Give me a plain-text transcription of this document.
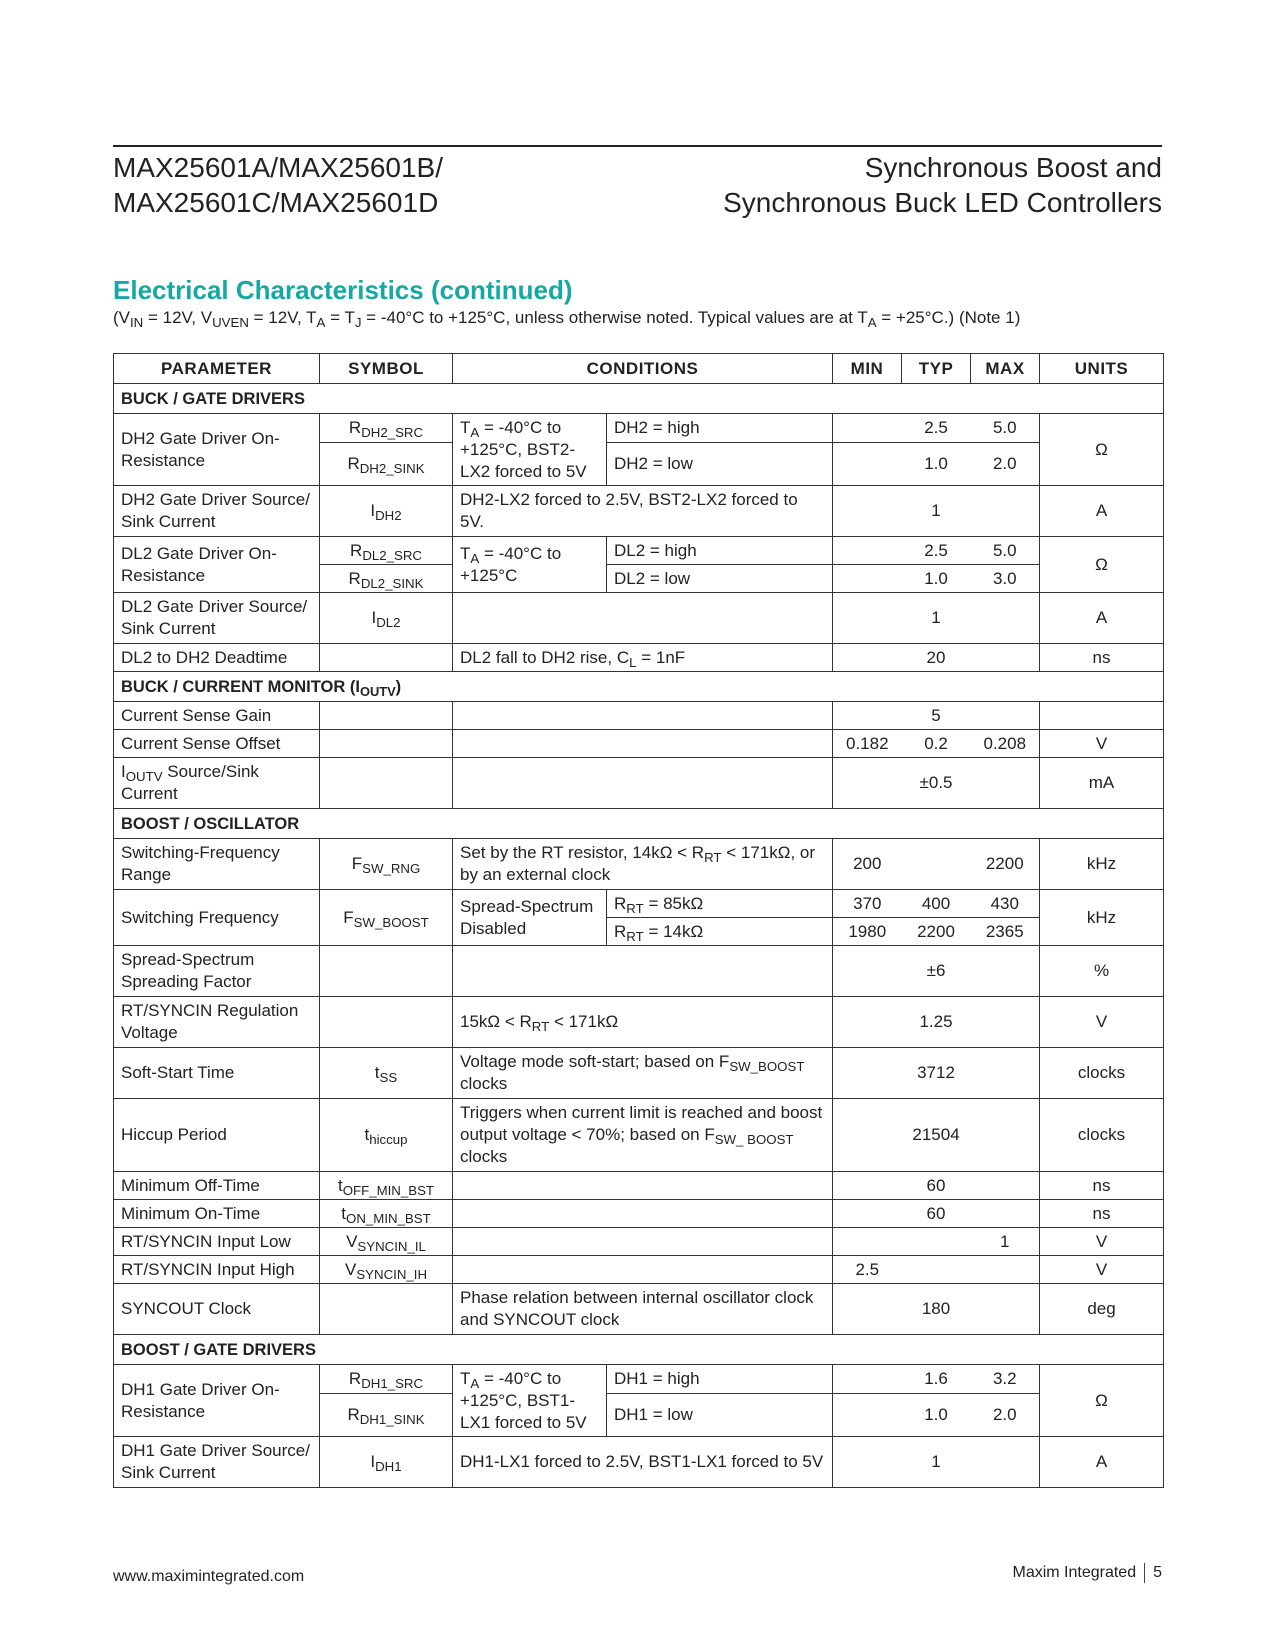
MAX25601A/MAX25601B/
MAX25601C/MAX25601D
Synchronous Boost and
Synchronous Buck LED Controllers
Electrical Characteristics (continued)
($V_{IN} = 12V$, $V_{UVEN} = 12V$, $T_A = T_J = -40^\circ C$ to +125°C, unless otherwise noted. Typical values are at $T_A = +25^\circ C$.) (Note 1)
PARAMETER	SYMBOL	CONDITIONS		MIN	TYP	MAX	UNITS
BUCK / GATE DRIVERS							
DH2 Gate Driver On-Resistance	$R_{DH2\_SRC}$	$T_A = -40^\circ C$ to +125°C, BST2-LX2 forced to 5V	DH2 = high		2.5	5.0	Ω
	$R_{DH2\_SINK}$		DH2 = low		1.0	2.0	
DH2 Gate Driver Source/ Sink Current	$I_{DH2}$	DH2-LX2 forced to 2.5V, BST2-LX2 forced to 5V.			1		A
DL2 Gate Driver On-Resistance	$R_{DL2\_SRC}$	$T_A = -40^\circ C$ to +125°C	DL2 = high		2.5	5.0	Ω
	$R_{DL2\_SINK}$		DL2 = low		1.0	3.0	
DL2 Gate Driver Source/ Sink Current	$I_{DL2}$				1		A
DL2 to DH2 Deadtime		DL2 fall to DH2 rise, $C_L = 1nF$			20		ns
BUCK / CURRENT MONITOR $(I_{OUTV})$							
Current Sense Gain					5		
Current Sense Offset				0.182	0.2	0.208	V
$I_{OUTV}$ Source/Sink Current					±0.5		mA
BOOST / OSCILLATOR							
Switching-Frequency Range	$F_{SW\_RNG}$	Set by the RT resistor, $14k\Omega < R_{RT} < 171k\Omega$, or by an external clock		200		2200	kHz
Switching Frequency	$F_{SW\_BOOST}$	Spread-Spectrum Disabled	$R_{RT} = 85k\Omega$	370	400	430	kHz
			$R_{RT} = 14k\Omega$	1980	2200	2365	
Spread-Spectrum Spreading Factor					±6		%
RT/SYNCIN Regulation Voltage		$15k\Omega < R_{RT} < 171k\Omega$			1.25		V
Soft-Start Time	$t_{SS}$	Voltage mode soft-start; based on $F_{SW\_BOOST}$ clocks			3712		clocks
Hiccup Period	$t_{hiccup}$	Triggers when current limit is reached and boost output voltage < 70%; based on $F_{SW\_ BOOST}$ clocks			21504		clocks
Minimum Off-Time	$t_{OFF\_MIN\_BST}$				60		ns
Minimum On-Time	$t_{ON\_MIN\_BST}$				60		ns
RT/SYNCIN Input Low	$V_{SYNCIN\_IL}$					1	V
RT/SYNCIN Input High	$V_{SYNCIN\_IH}$			2.5			V
SYNCOUT Clock		Phase relation between internal oscillator clock and SYNCOUT clock			180		deg
BOOST / GATE DRIVERS							
DH1 Gate Driver On-Resistance	$R_{DH1\_SRC}$	$T_A = -40^\circ C$ to +125°C, BST1-LX1 forced to 5V	DH1 = high		1.6	3.2	Ω
	$R_{DH1\_SINK}$		DH1 = low		1.0	2.0	
DH1 Gate Driver Source/ Sink Current	$I_{DH1}$	DH1-LX1 forced to 2.5V, BST1-LX1 forced to 5V			1		A
www.maximintegrated.com	Maxim Integrated 5
